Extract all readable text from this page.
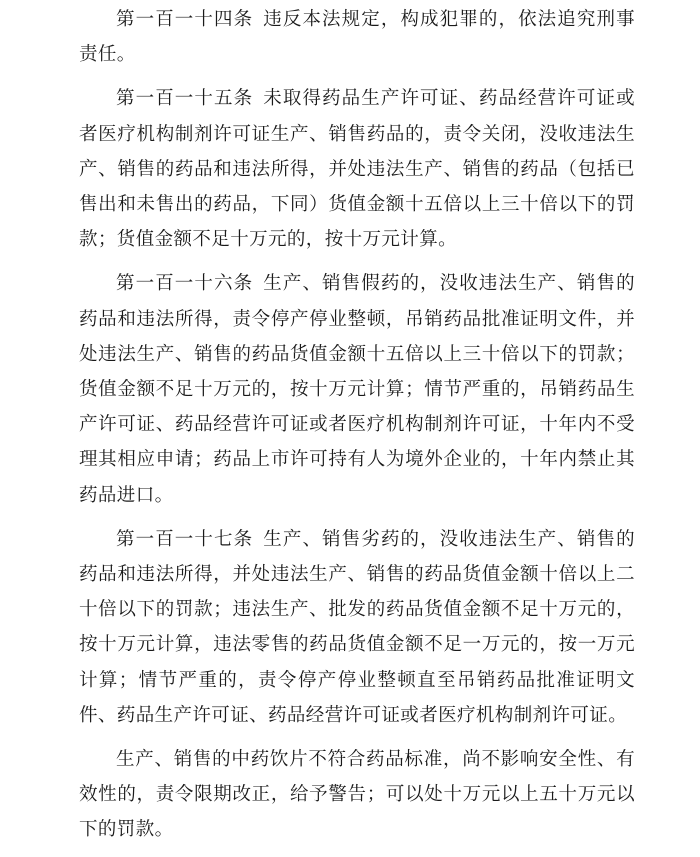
第一百一十四条 违反本法规定，构成犯罪的，依法追究刑事责任。

第一百一十五条 未取得药品生产许可证、药品经营许可证或者医疗机构制剂许可证生产、销售药品的，责令关闭，没收违法生产、销售的药品和违法所得，并处违法生产、销售的药品（包括已售出和未售出的药品，下同）货值金额十五倍以上三十倍以下的罚款；货值金额不足十万元的，按十万元计算。

第一百一十六条 生产、销售假药的，没收违法生产、销售的药品和违法所得，责令停产停业整顿，吊销药品批准证明文件，并处违法生产、销售的药品货值金额十五倍以上三十倍以下的罚款；货值金额不足十万元的，按十万元计算；情节严重的，吊销药品生产许可证、药品经营许可证或者医疗机构制剂许可证，十年内不受理其相应申请；药品上市许可持有人为境外企业的，十年内禁止其药品进口。

第一百一十七条 生产、销售劣药的，没收违法生产、销售的药品和违法所得，并处违法生产、销售的药品货值金额十倍以上二十倍以下的罚款；违法生产、批发的药品货值金额不足十万元的，按十万元计算，违法零售的药品货值金额不足一万元的，按一万元计算；情节严重的，责令停产停业整顿直至吊销药品批准证明文件、药品生产许可证、药品经营许可证或者医疗机构制剂许可证。

生产、销售的中药饮片不符合药品标准，尚不影响安全性、有效性的，责令限期改正，给予警告；可以处十万元以上五十万元以下的罚款。
